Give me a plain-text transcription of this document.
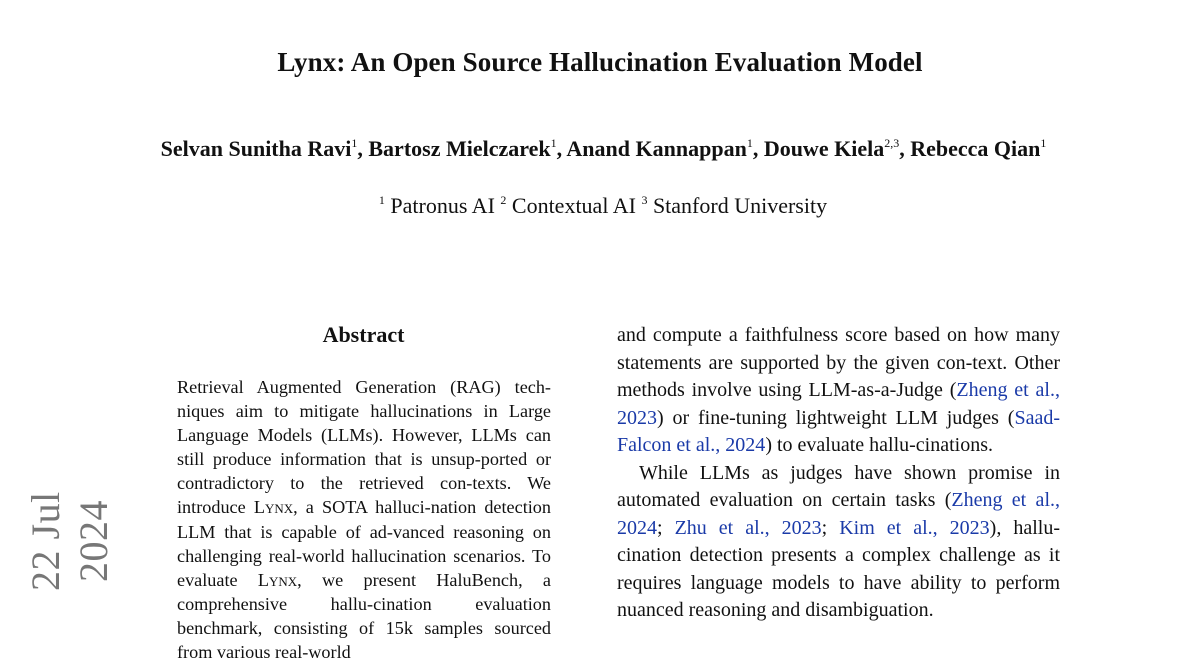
Lynx: An Open Source Hallucination Evaluation Model
Selvan Sunitha Ravi$^1$, Bartosz Mielczarek$^1$, Anand Kannappan$^1$, Douwe Kiela$^{2,3}$, Rebecca Qian$^1$
$^1$ Patronus AI $^2$ Contextual AI $^3$ Stanford University
22 Jul 2024
Abstract

Retrieval Augmented Generation (RAG) tech-niques aim to mitigate hallucinations in Large Language Models (LLMs). However, LLMs can still produce information that is unsup-ported or contradictory to the retrieved con-texts. We introduce Lynx, a SOTA halluci-nation detection LLM that is capable of ad-vanced reasoning on challenging real-world hallucination scenarios. To evaluate Lynx, we present HaluBench, a comprehensive hallu-cination evaluation benchmark, consisting of 15k samples sourced from various real-world

and compute a faithfulness score based on how many statements are supported by the given con-text. Other methods involve using LLM-as-a-Judge (Zheng et al., 2023) or fine-tuning lightweight LLM judges (Saad-Falcon et al., 2024) to evaluate hallu-cinations.

While LLMs as judges have shown promise in automated evaluation on certain tasks (Zheng et al., 2024; Zhu et al., 2023; Kim et al., 2023), hallu-cination detection presents a complex challenge as it requires language models to have ability to perform nuanced reasoning and disambiguation.
